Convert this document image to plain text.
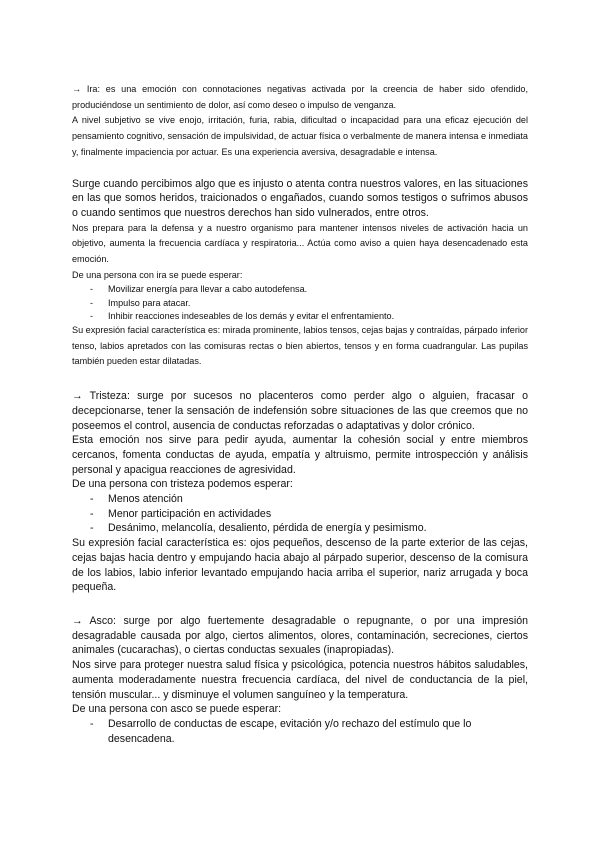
→ Ira: es una emoción con connotaciones negativas activada por la creencia de haber sido ofendido, produciéndose un sentimiento de dolor, así como deseo o impulso de venganza.

A nivel subjetivo se vive enojo, irritación, furia, rabia, dificultad o incapacidad para una eficaz ejecución del pensamiento cognitivo, sensación de impulsividad, de actuar física o verbalmente de manera intensa e inmediata y, finalmente impaciencia por actuar. Es una experiencia aversiva, desagradable e intensa.

Surge cuando percibimos algo que es injusto o atenta contra nuestros valores, en las situaciones en las que somos heridos, traicionados o engañados, cuando somos testigos o sufrimos abusos o cuando sentimos que nuestros derechos han sido vulnerados, entre otros.

Nos prepara para la defensa y a nuestro organismo para mantener intensos niveles de activación hacia un objetivo, aumenta la frecuencia cardíaca y respiratoria... Actúa como aviso a quien haya desencadenado esta emoción.

De una persona con ira se puede esperar:

- Movilizar energía para llevar a cabo autodefensa.
- Impulso para atacar.
- Inhibir reacciones indeseables de los demás y evitar el enfrentamiento.

Su expresión facial característica es: mirada prominente, labios tensos, cejas bajas y contraídas, párpado inferior tenso, labios apretados con las comisuras rectas o bien abiertos, tensos y en forma cuadrangular. Las pupilas también pueden estar dilatadas.

→ Tristeza: surge por sucesos no placenteros como perder algo o alguien, fracasar o decepcionarse, tener la sensación de indefensión sobre situaciones de las que creemos que no poseemos el control, ausencia de conductas reforzadas o adaptativas y dolor crónico.

Esta emoción nos sirve para pedir ayuda, aumentar la cohesión social y entre miembros cercanos, fomenta conductas de ayuda, empatía y altruismo, permite introspección y análisis personal y apacigua reacciones de agresividad.

De una persona con tristeza podemos esperar:

- Menos atención
- Menor participación en actividades
- Desánimo, melancolía, desaliento, pérdida de energía y pesimismo.

Su expresión facial característica es: ojos pequeños, descenso de la parte exterior de las cejas, cejas bajas hacia dentro y empujando hacia abajo al párpado superior, descenso de la comisura de los labios, labio inferior levantado empujando hacia arriba el superior, nariz arrugada y boca pequeña.

→ Asco: surge por algo fuertemente desagradable o repugnante, o por una impresión desagradable causada por algo, ciertos alimentos, olores, contaminación, secreciones, ciertos animales (cucarachas), o ciertas conductas sexuales (inapropiadas).

Nos sirve para proteger nuestra salud física y psicológica, potencia nuestros hábitos saludables, aumenta moderadamente nuestra frecuencia cardíaca, del nivel de conductancia de la piel, tensión muscular... y disminuye el volumen sanguíneo y la temperatura.

De una persona con asco se puede esperar:

- Desarrollo de conductas de escape, evitación y/o rechazo del estímulo que lo desencadena.
